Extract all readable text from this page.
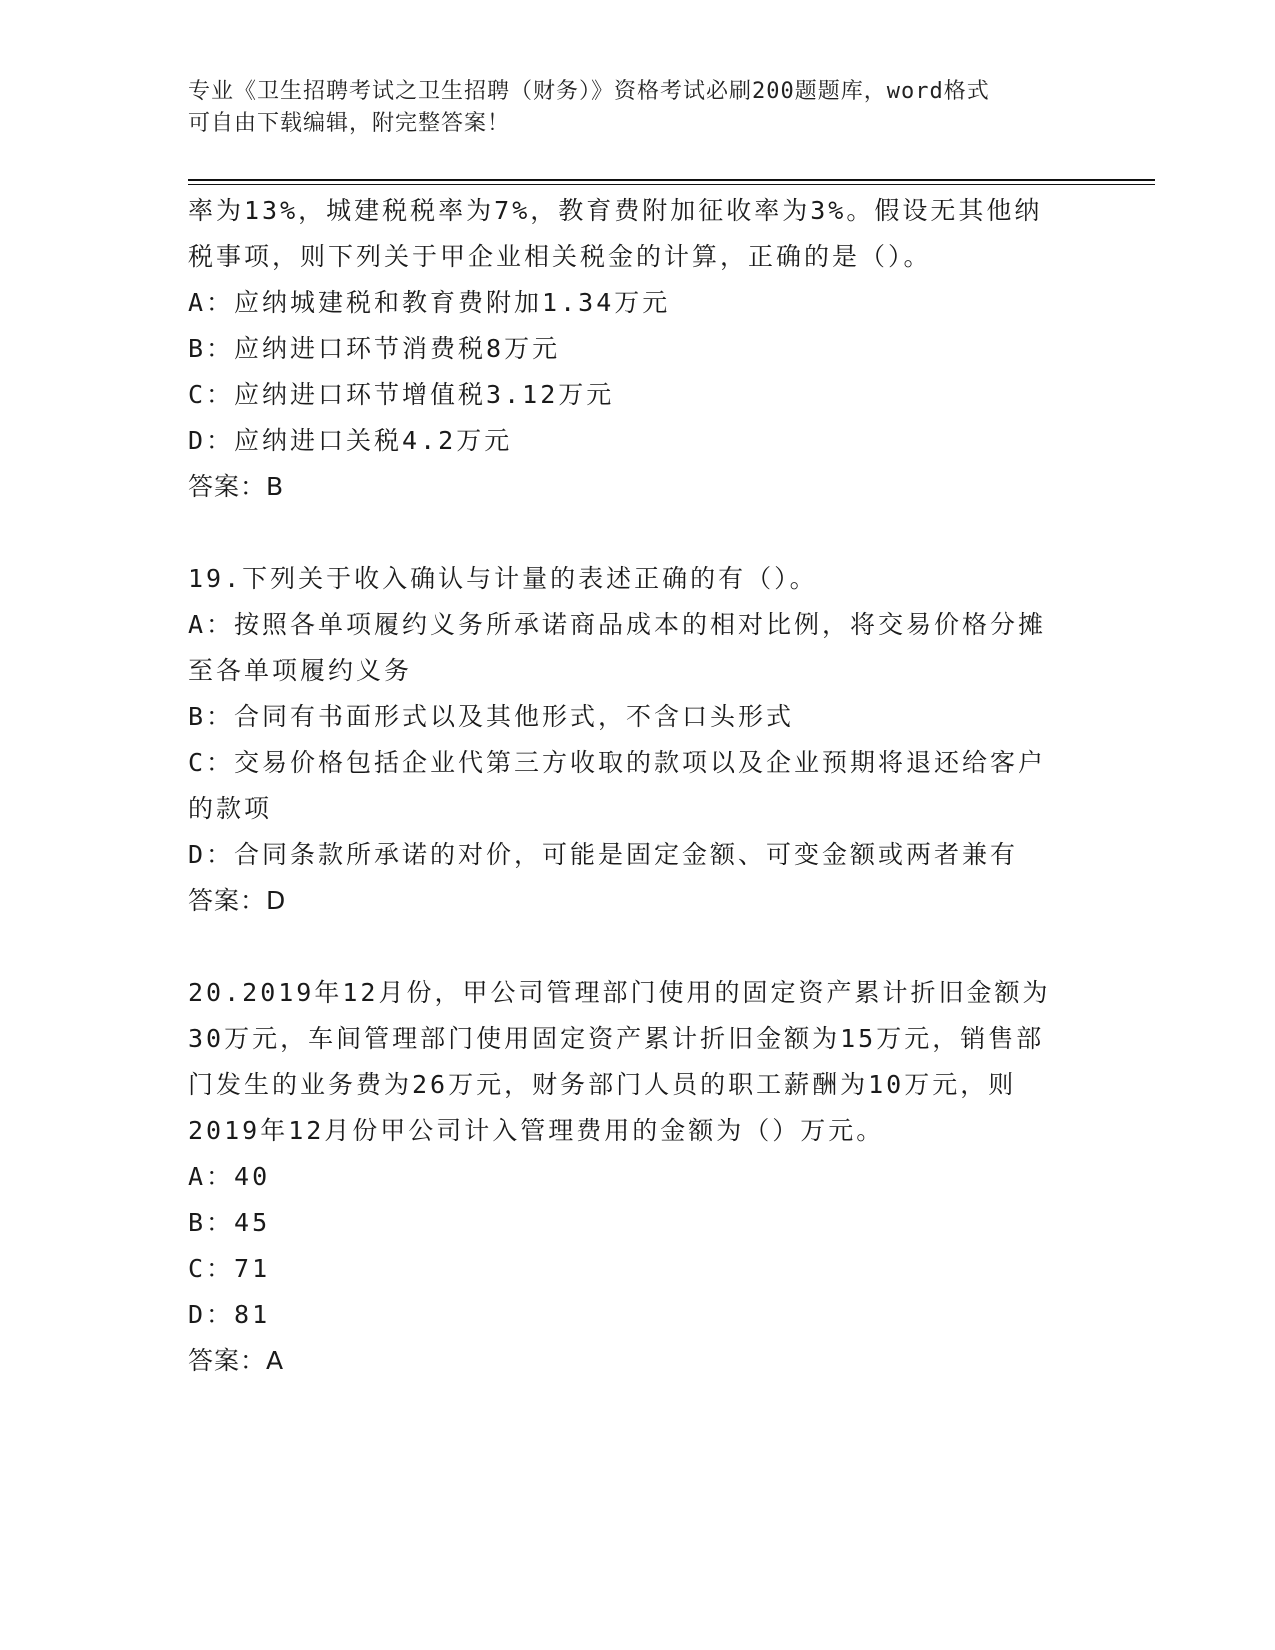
专业《卫生招聘考试之卫生招聘（财务）》资格考试必刷200题题库，word格式
可自由下载编辑，附完整答案！
率为13%，城建税税率为7%，教育费附加征收率为3%。假设无其他纳
税事项，则下列关于甲企业相关税金的计算，正确的是（）。
A：应纳城建税和教育费附加1.34万元
B：应纳进口环节消费税8万元
C：应纳进口环节增值税3.12万元
D：应纳进口关税4.2万元
答案：B
19.下列关于收入确认与计量的表述正确的有（）。
A：按照各单项履约义务所承诺商品成本的相对比例，将交易价格分摊
至各单项履约义务
B：合同有书面形式以及其他形式，不含口头形式
C：交易价格包括企业代第三方收取的款项以及企业预期将退还给客户
的款项
D：合同条款所承诺的对价，可能是固定金额、可变金额或两者兼有
答案：D
20.2019年12月份，甲公司管理部门使用的固定资产累计折旧金额为
30万元，车间管理部门使用固定资产累计折旧金额为15万元，销售部
门发生的业务费为26万元，财务部门人员的职工薪酬为10万元，则
2019年12月份甲公司计入管理费用的金额为（）万元。
A：40
B：45
C：71
D：81
答案：A
